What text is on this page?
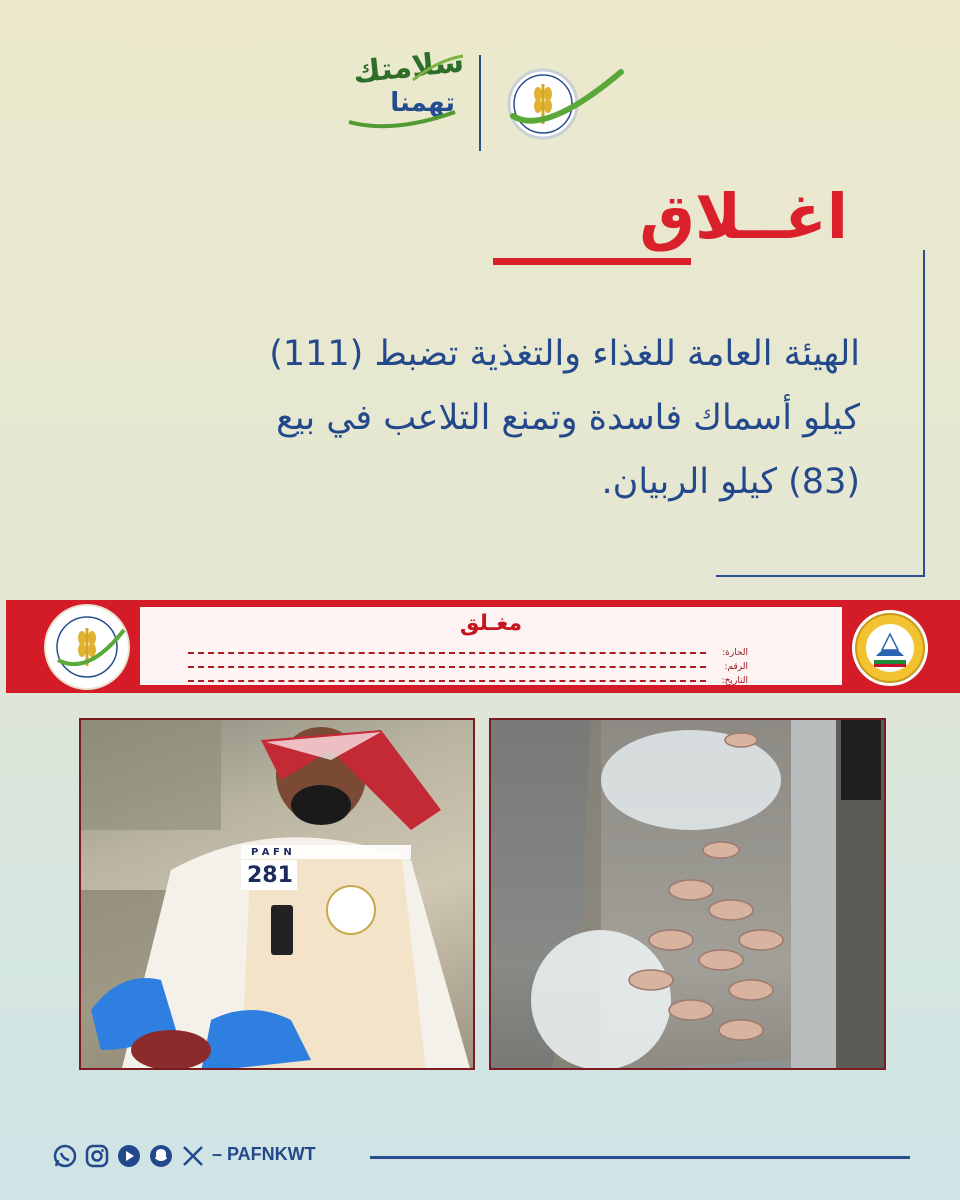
سلامتك
تهمنا
اغــلاق
الهيئة العامة للغذاء والتغذية تضبط (111)
كيلو أسماك فاسدة وتمنع التلاعب في بيع
(83) كيلو الربيان.
مغـلق
الحارة:
الرقم:
التاريخ:
281
P A F N
– PAFNKWT
